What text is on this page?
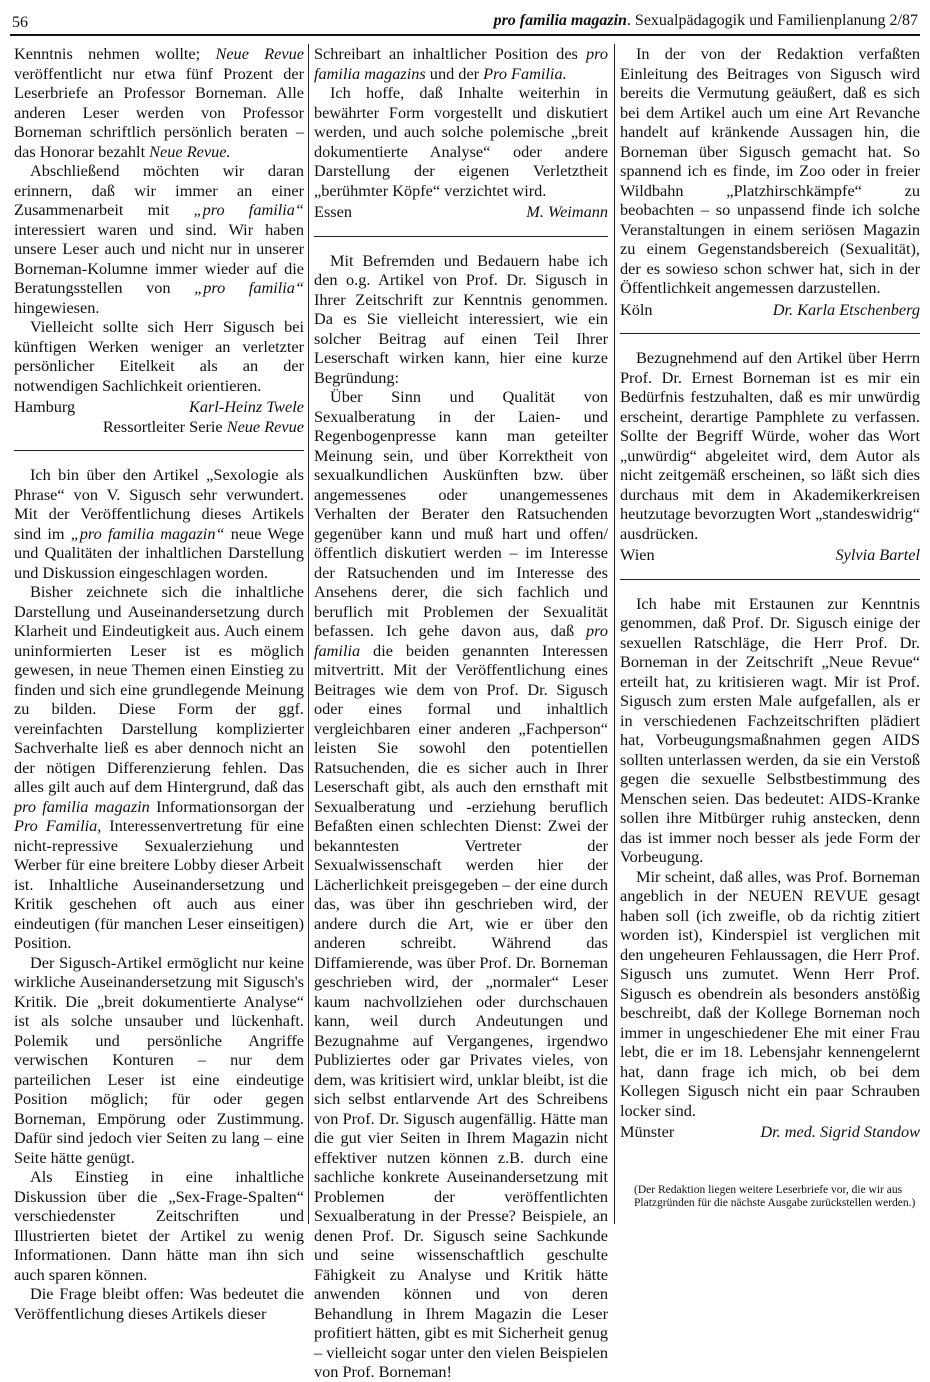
56	pro familia magazin. Sexualpädagogik und Familienplanung 2/87

Kenntnis nehmen wollte; Neue Revue veröffentlicht nur etwa fünf Prozent der Leserbriefe an Professor Borneman. Alle anderen Leser werden von Professor Borneman schriftlich persönlich beraten – das Honorar bezahlt Neue Revue.

Abschließend möchten wir daran erinnern, daß wir immer an einer Zusammenarbeit mit „pro familia“ interessiert waren und sind. Wir haben unsere Leser auch und nicht nur in unserer Borneman-Kolumne immer wieder auf die Beratungsstellen von „pro familia“ hingewiesen.

Vielleicht sollte sich Herr Sigusch bei künftigen Werken weniger an verletzter persönlicher Eitelkeit als an der notwendigen Sachlichkeit orientieren.

Hamburg	Karl-Heinz Twele
Ressortleiter Serie Neue Revue

Ich bin über den Artikel „Sexologie als Phrase“ von V. Sigusch sehr verwundert. Mit der Veröffentlichung dieses Artikels sind im „pro familia magazin“ neue Wege und Qualitäten der inhaltlichen Darstellung und Diskussion eingeschlagen worden.

Bisher zeichnete sich die inhaltliche Darstellung und Auseinandersetzung durch Klarheit und Eindeutigkeit aus. Auch einem uninformierten Leser ist es möglich gewesen, in neue Themen einen Einstieg zu finden und sich eine grundlegende Meinung zu bilden. Diese Form der ggf. vereinfachten Darstellung komplizierter Sachverhalte ließ es aber dennoch nicht an der nötigen Differenzierung fehlen. Das alles gilt auch auf dem Hintergrund, daß das pro familia magazin Informationsorgan der Pro Familia, Interessenvertretung für eine nicht-repressive Sexualerziehung und Werber für eine breitere Lobby dieser Arbeit ist. Inhaltliche Auseinandersetzung und Kritik geschehen oft auch aus einer eindeutigen (für manchen Leser einseitigen) Position.

Der Sigusch-Artikel ermöglicht nur keine wirkliche Auseinandersetzung mit Sigusch's Kritik. Die „breit dokumentierte Analyse“ ist als solche unsauber und lückenhaft. Polemik und persönliche Angriffe verwischen Konturen – nur dem parteilichen Leser ist eine eindeutige Position möglich; für oder gegen Borneman, Empörung oder Zustimmung. Dafür sind jedoch vier Seiten zu lang – eine Seite hätte genügt.

Als Einstieg in eine inhaltliche Diskussion über die „Sex-Frage-Spalten“ verschiedenster Zeitschriften und Illustrierten bietet der Artikel zu wenig Informationen. Dann hätte man ihn sich auch sparen können.

Die Frage bleibt offen: Was bedeutet die Veröffentlichung dieses Artikels dieser

Schreibart an inhaltlicher Position des pro familia magazins und der Pro Familia.

Ich hoffe, daß Inhalte weiterhin in bewährter Form vorgestellt und diskutiert werden, und auch solche polemische „breit dokumentierte Analyse“ oder andere Darstellung der eigenen Verletztheit „berühmter Köpfe“ verzichtet wird.

Essen	M. Weimann

Mit Befremden und Bedauern habe ich den o.g. Artikel von Prof. Dr. Sigusch in Ihrer Zeitschrift zur Kenntnis genommen. Da es Sie vielleicht interessiert, wie ein solcher Beitrag auf einen Teil Ihrer Leserschaft wirken kann, hier eine kurze Begründung:

Über Sinn und Qualität von Sexualberatung in der Laien- und Regenbogenpresse kann man geteilter Meinung sein, und über Korrektheit von sexualkundlichen Auskünften bzw. über angemessenes oder unangemessenes Verhalten der Berater den Ratsuchenden gegenüber kann und muß hart und offen/öffentlich diskutiert werden – im Interesse der Ratsuchenden und im Interesse des Ansehens derer, die sich fachlich und beruflich mit Problemen der Sexualität befassen. Ich gehe davon aus, daß pro familia die beiden genannten Interessen mitvertritt. Mit der Veröffentlichung eines Beitrages wie dem von Prof. Dr. Sigusch oder eines formal und inhaltlich vergleichbaren einer anderen „Fachperson“ leisten Sie sowohl den potentiellen Ratsuchenden, die es sicher auch in Ihrer Leserschaft gibt, als auch den ernsthaft mit Sexualberatung und -erziehung beruflich Befaßten einen schlechten Dienst: Zwei der bekanntesten Vertreter der Sexualwissenschaft werden hier der Lächerlichkeit preisgegeben – der eine durch das, was über ihn geschrieben wird, der andere durch die Art, wie er über den anderen schreibt. Während das Diffamierende, was über Prof. Dr. Borneman geschrieben wird, der „normaler“ Leser kaum nachvollziehen oder durchschauen kann, weil durch Andeutungen und Bezugnahme auf Vergangenes, irgendwo Publiziertes oder gar Privates vieles, von dem, was kritisiert wird, unklar bleibt, ist die sich selbst entlarvende Art des Schreibens von Prof. Dr. Sigusch augenfällig. Hätte man die gut vier Seiten in Ihrem Magazin nicht effektiver nutzen können z.B. durch eine sachliche konkrete Auseinandersetzung mit Problemen der veröffentlichten Sexualberatung in der Presse? Beispiele, an denen Prof. Dr. Sigusch seine Sachkunde und seine wissenschaftlich geschulte Fähigkeit zu Analyse und Kritik hätte anwenden können und von deren Behandlung in Ihrem Magazin die Leser profitiert hätten, gibt es mit Sicherheit genug – vielleicht sogar unter den vielen Beispielen von Prof. Borneman!

In der von der Redaktion verfaßten Einleitung des Beitrages von Sigusch wird bereits die Vermutung geäußert, daß es sich bei dem Artikel auch um eine Art Revanche handelt auf kränkende Aussagen hin, die Borneman über Sigusch gemacht hat. So spannend ich es finde, im Zoo oder in freier Wildbahn „Platzhirschkämpfe“ zu beobachten – so unpassend finde ich solche Veranstaltungen in einem seriösen Magazin zu einem Gegenstandsbereich (Sexualität), der es sowieso schon schwer hat, sich in der Öffentlichkeit angemessen darzustellen.

Köln	Dr. Karla Etschenberg

Bezugnehmend auf den Artikel über Herrn Prof. Dr. Ernest Borneman ist es mir ein Bedürfnis festzuhalten, daß es mir unwürdig erscheint, derartige Pamphlete zu verfassen. Sollte der Begriff Würde, woher das Wort „unwürdig“ abgeleitet wird, dem Autor als nicht zeitgemäß erscheinen, so läßt sich dies durchaus mit dem in Akademikerkreisen heutzutage bevorzugten Wort „standeswidrig“ ausdrücken.

Wien	Sylvia Bartel

Ich habe mit Erstaunen zur Kenntnis genommen, daß Prof. Dr. Sigusch einige der sexuellen Ratschläge, die Herr Prof. Dr. Borneman in der Zeitschrift „Neue Revue“ erteilt hat, zu kritisieren wagt. Mir ist Prof. Sigusch zum ersten Male aufgefallen, als er in verschiedenen Fachzeitschriften plädiert hat, Vorbeugungsmaßnahmen gegen AIDS sollten unterlassen werden, da sie ein Verstoß gegen die sexuelle Selbstbestimmung des Menschen seien. Das bedeutet: AIDS-Kranke sollen ihre Mitbürger ruhig anstecken, denn das ist immer noch besser als jede Form der Vorbeugung.

Mir scheint, daß alles, was Prof. Borneman angeblich in der NEUEN REVUE gesagt haben soll (ich zweifle, ob da richtig zitiert worden ist), Kinderspiel ist verglichen mit den ungeheuren Fehlaussagen, die Herr Prof. Sigusch uns zumutet. Wenn Herr Prof. Sigusch es obendrein als besonders anstößig beschreibt, daß der Kollege Borneman noch immer in ungeschiedener Ehe mit einer Frau lebt, die er im 18. Lebensjahr kennengelernt hat, dann frage ich mich, ob bei dem Kollegen Sigusch nicht ein paar Schrauben locker sind.

Münster	Dr. med. Sigrid Standow
(Der Redaktion liegen weitere Leserbriefe vor, die wir aus Platzgründen für die nächste Ausgabe zurückstellen werden.)
